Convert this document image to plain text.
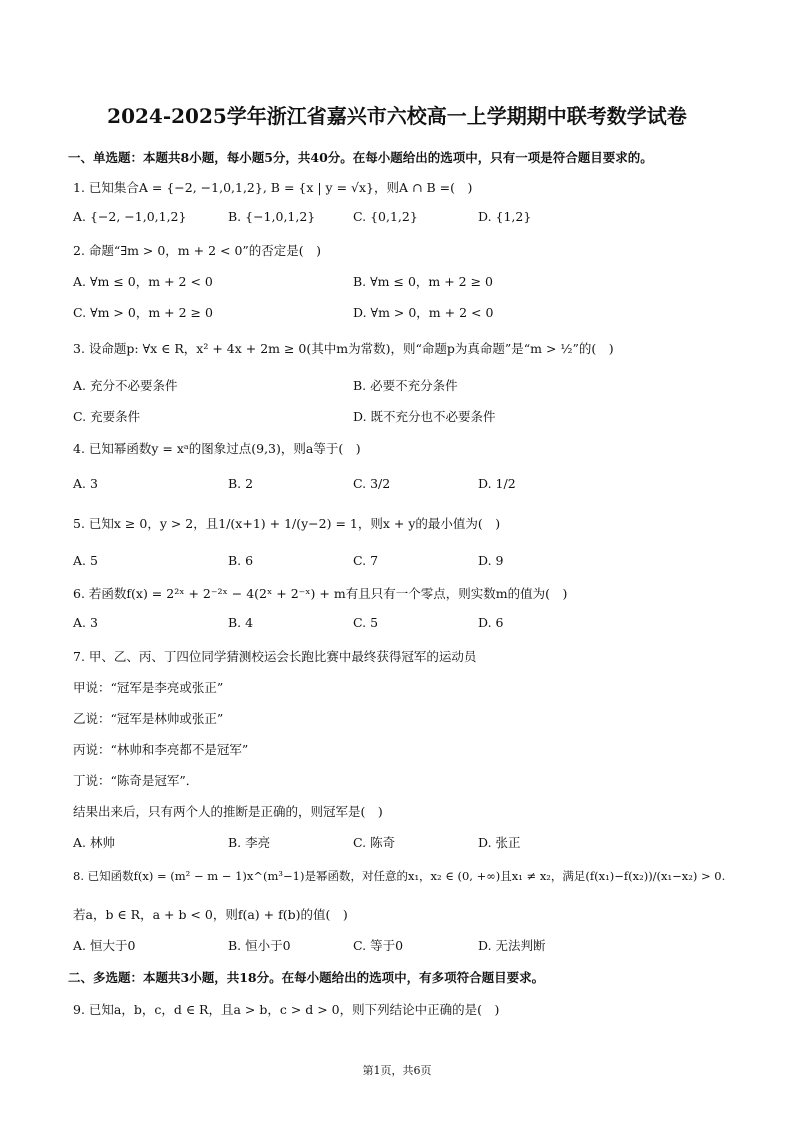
2024-2025学年浙江省嘉兴市六校高一上学期期中联考数学试卷
一、单选题：本题共8小题，每小题5分，共40分。在每小题给出的选项中，只有一项是符合题目要求的。
1. 已知集合A = {−2, −1,0,1,2}, B = {x | y = √x}，则A ∩ B =(　)
A. {−2, −1,0,1,2}	B. {−1,0,1,2}	C. {0,1,2}	D. {1,2}
2. 命题“∃m > 0，m + 2 < 0”的否定是(　)
A. ∀m ≤ 0，m + 2 < 0	B. ∀m ≤ 0，m + 2 ≥ 0
C. ∀m > 0，m + 2 ≥ 0	D. ∀m > 0，m + 2 < 0
3. 设命题p: ∀x ∈ R，x² + 4x + 2m ≥ 0(其中m为常数)，则“命题p为真命题”是“m > ½”的(　)
A. 充分不必要条件	B. 必要不充分条件
C. 充要条件	D. 既不充分也不必要条件
4. 已知幂函数y = xᵃ的图象过点(9,3)，则a等于(　)
A. 3	B. 2	C. 3/2	D. 1/2
5. 已知x ≥ 0，y > 2，且1/(x+1) + 1/(y−2) = 1，则x + y的最小值为(　)
A. 5	B. 6	C. 7	D. 9
6. 若函数f(x) = 2²ˣ + 2⁻²ˣ − 4(2ˣ + 2⁻ˣ) + m有且只有一个零点，则实数m的值为(　)
A. 3	B. 4	C. 5	D. 6
7. 甲、乙、丙、丁四位同学猜测校运会长跑比赛中最终获得冠军的运动员
甲说：“冠军是李亮或张正”
乙说：“冠军是林帅或张正”
丙说：“林帅和李亮都不是冠军”
丁说：“陈奇是冠军”．
结果出来后，只有两个人的推断是正确的，则冠军是(　)
A. 林帅	B. 李亮	C. 陈奇	D. 张正
8. 已知函数f(x) = (m² − m − 1)x^(m³−1)是幂函数，对任意的x₁，x₂ ∈ (0, +∞)且x₁ ≠ x₂，满足(f(x₁)−f(x₂))/(x₁−x₂) > 0.
若a，b ∈ R，a + b < 0，则f(a) + f(b)的值(　)
A. 恒大于0	B. 恒小于0	C. 等于0	D. 无法判断
二、多选题：本题共3小题，共18分。在每小题给出的选项中，有多项符合题目要求。
9. 已知a，b，c，d ∈ R，且a > b，c > d > 0，则下列结论中正确的是(　)
第1页，共6页
